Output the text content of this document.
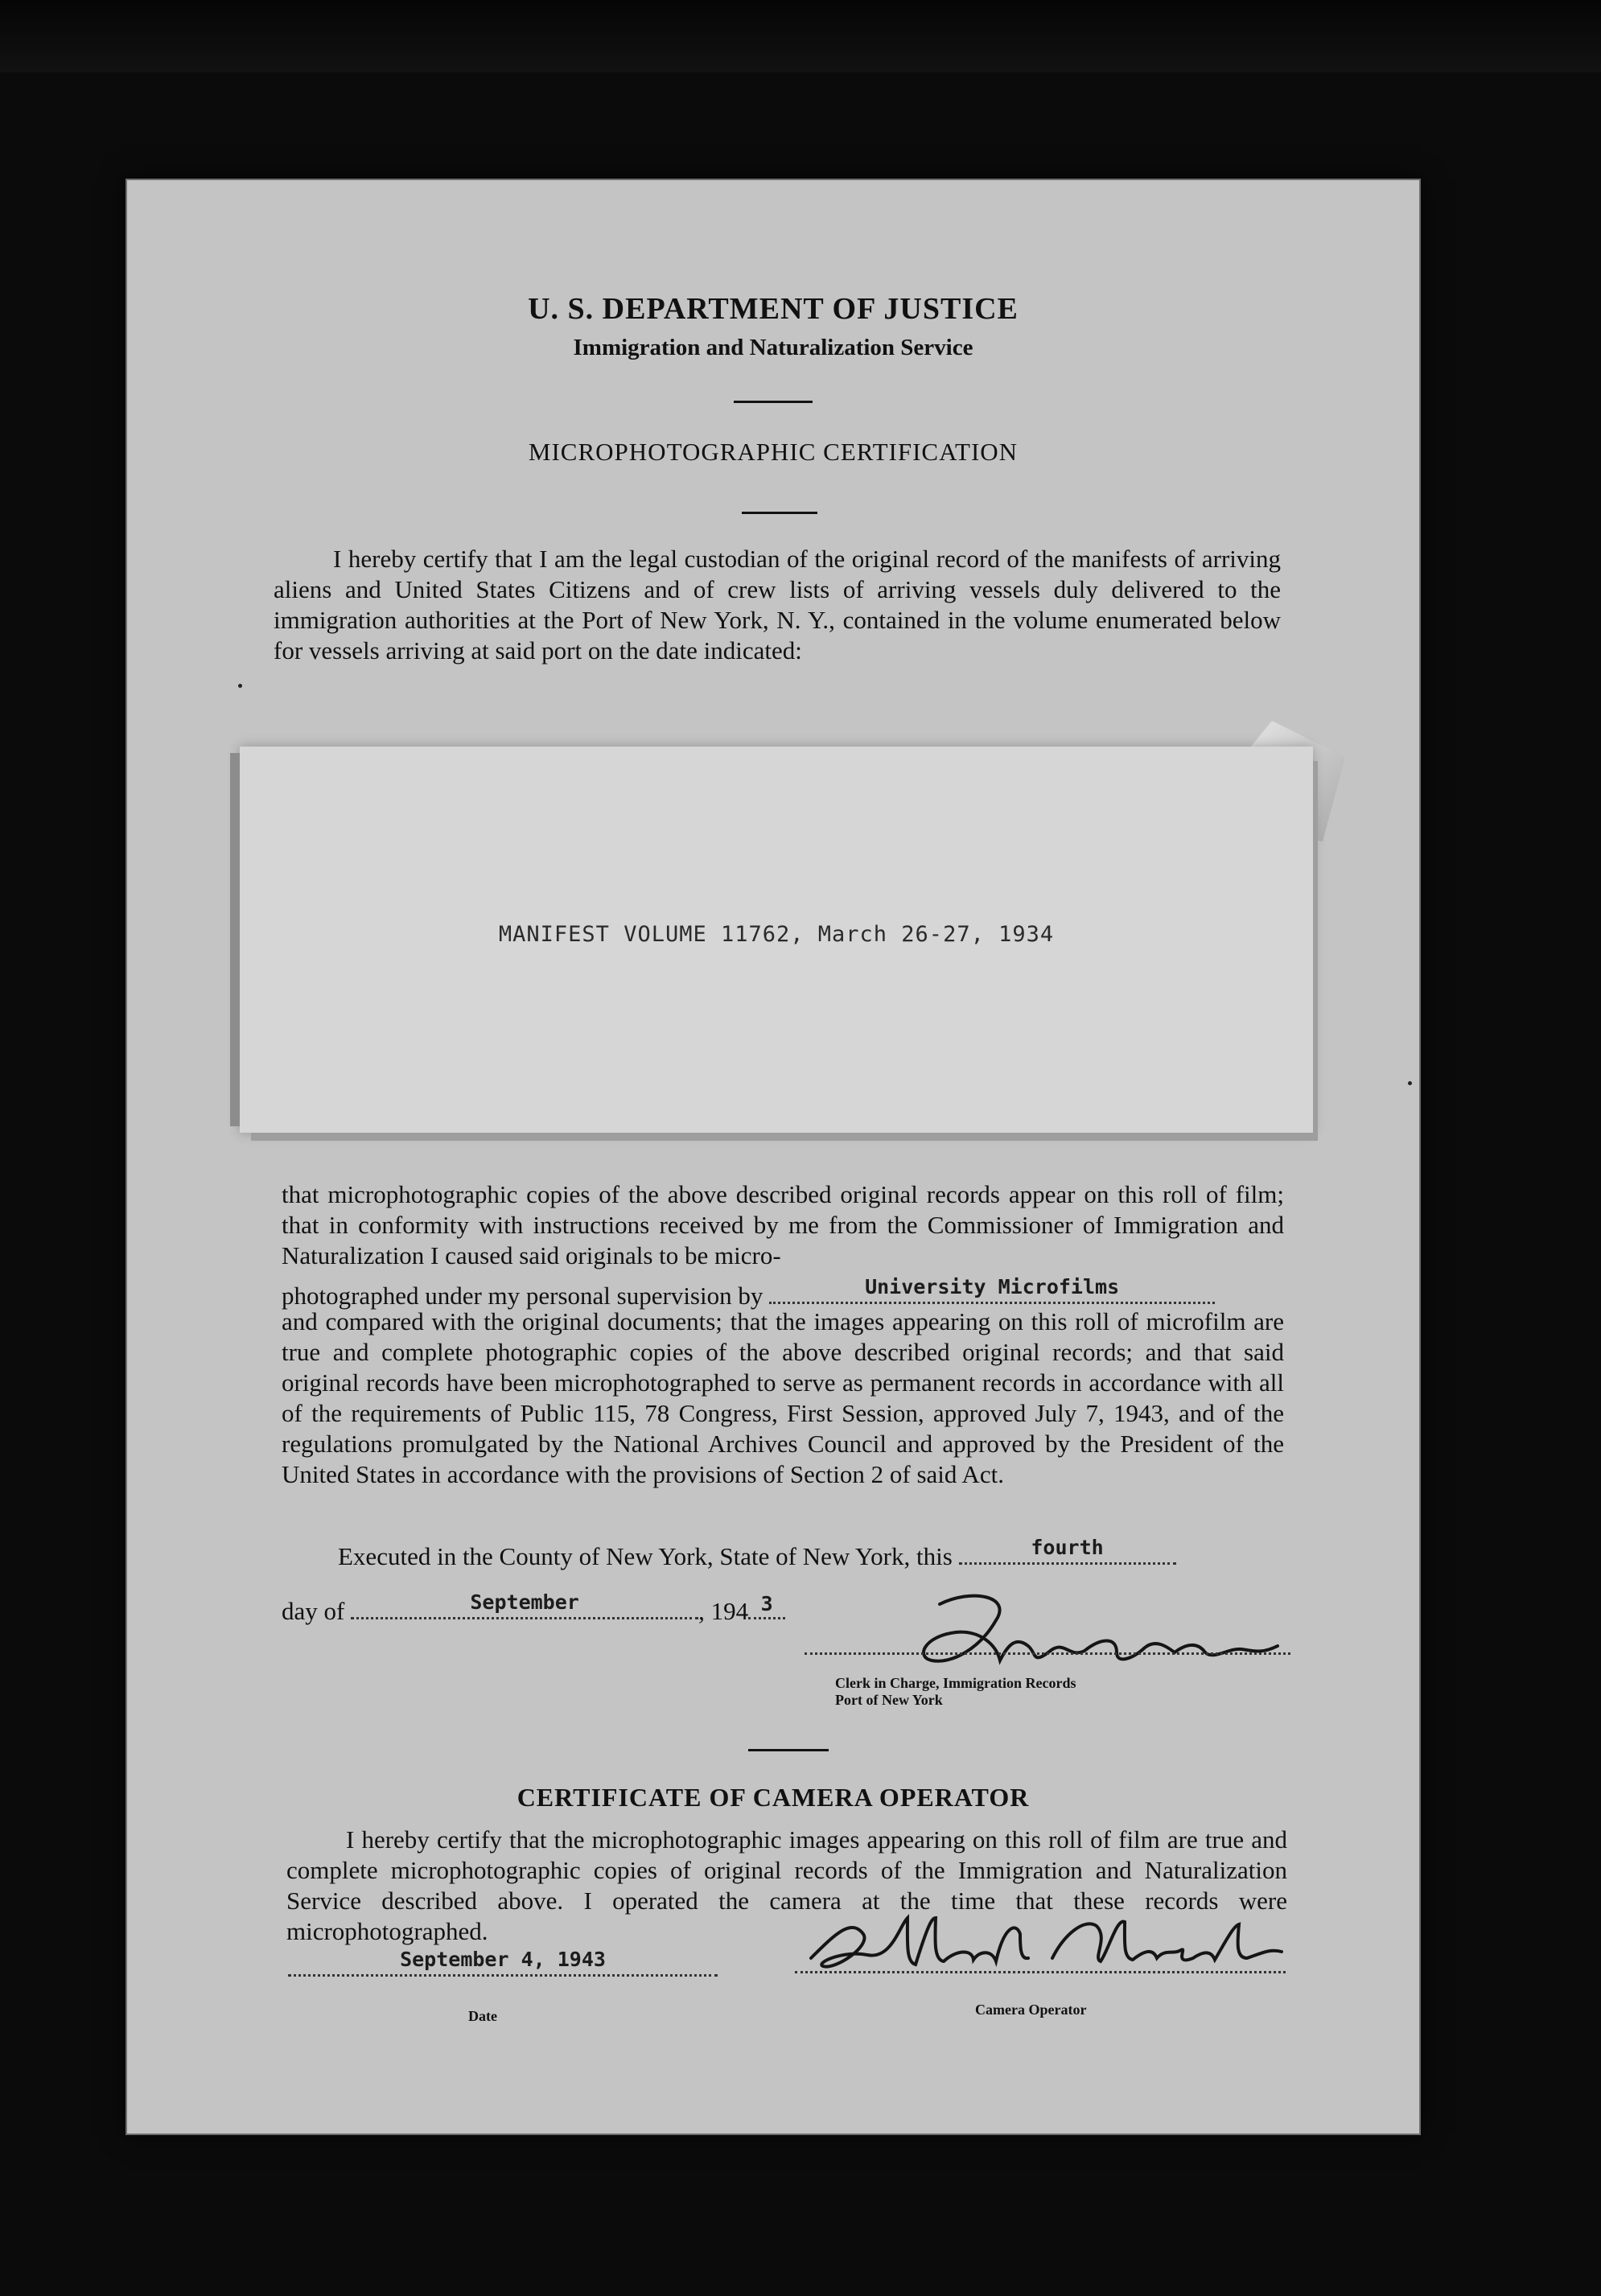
U. S. DEPARTMENT OF JUSTICE
Immigration and Naturalization Service
MICROPHOTOGRAPHIC CERTIFICATION
I hereby certify that I am the legal custodian of the original record of the manifests of arriving aliens and United States Citizens and of crew lists of arriving vessels duly delivered to the immigration authorities at the Port of New York, N. Y., contained in the volume enumerated below for vessels arriving at said port on the date indicated:
MANIFEST VOLUME 11762, March 26-27, 1934
that microphotographic copies of the above described original records appear on this roll of film; that in conformity with instructions received by me from the Commissioner of Immigration and Naturalization I caused said originals to be micro-
photographed under my personal supervision by	University Microfilms
and compared with the original documents; that the images appearing on this roll of microfilm are true and complete photographic copies of the above described original records; and that said original records have been microphotographed to serve as permanent records in accordance with all of the requirements of Public 115, 78 Congress, First Session, approved July 7, 1943, and of the regulations promulgated by the National Archives Council and approved by the President of the United States in accordance with the provisions of Section 2 of said Act.
Executed in the County of New York, State of New York, this	fourth
day of	September	, 194 3
Clerk in Charge, Immigration Records
Port of New York
CERTIFICATE OF CAMERA OPERATOR
I hereby certify that the microphotographic images appearing on this roll of film are true and complete microphotographic copies of original records of the Immigration and Naturalization Service described above. I operated the camera at the time that these records were microphotographed.
September 4, 1943
Date	Camera Operator
